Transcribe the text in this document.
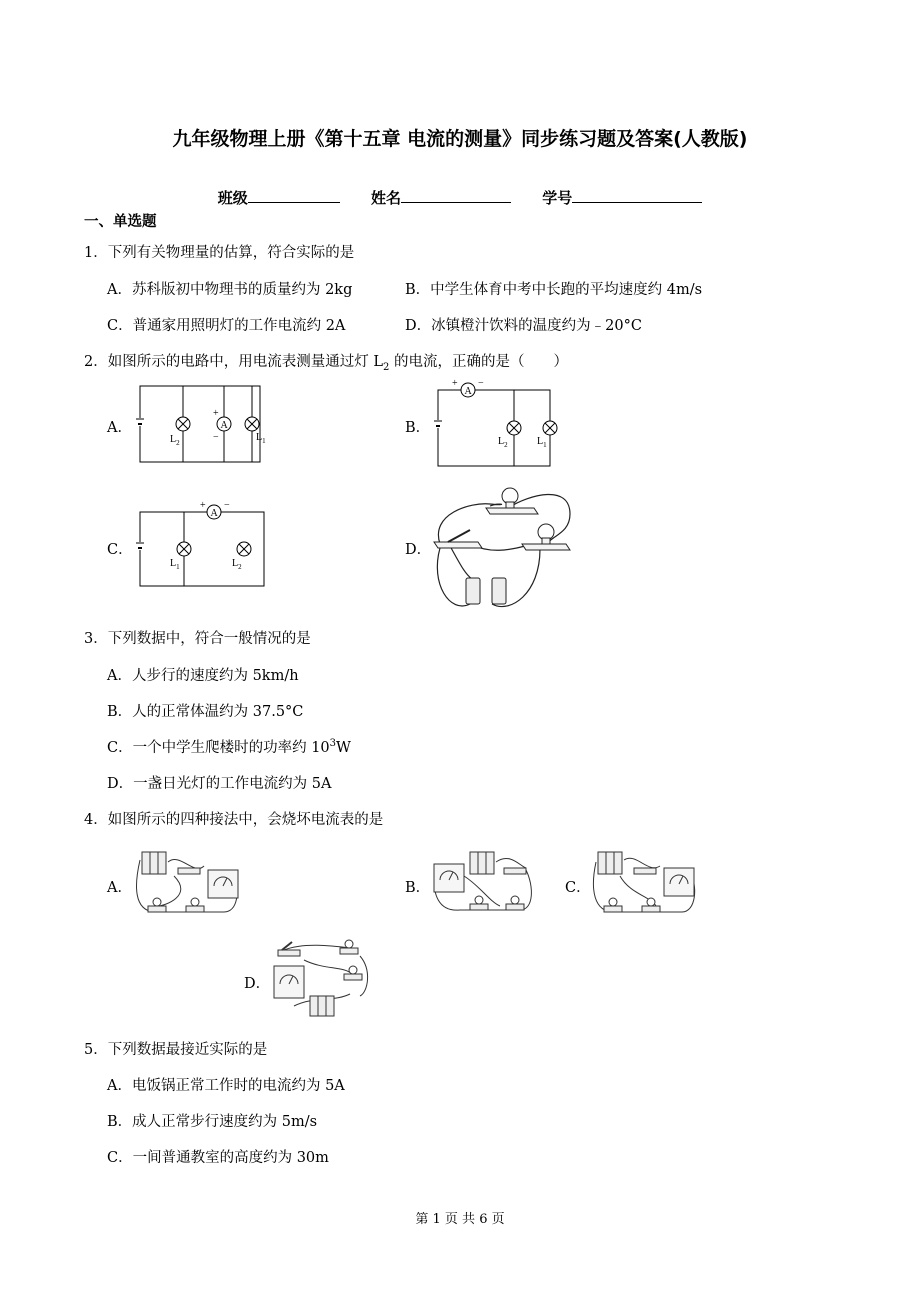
九年级物理上册《第十五章 电流的测量》同步练习题及答案(人教版)
班级	姓名	学号
一、单选题
1．下列有关物理量的估算，符合实际的是
A．苏科版初中物理书的质量约为 2kg	B．中学生体育中考中长跑的平均速度约 4m/s
C．普通家用照明灯的工作电流约 2A	D．冰镇橙汁饮料的温度约为﹣20°C
2．如图所示的电路中，用电流表测量通过灯 $L_2$ 的电流，正确的是（　　）
A．	A
+
−
$L_2$	$L_1$
B．
A
+ −
$L_2$	$L_1$
C．
A
+ −
$L_1$	$L_2$
D．
3．下列数据中，符合一般情况的是
A．人步行的速度约为 5km/h
B．人的正常体温约为 37.5°C
C．一个中学生爬楼时的功率约 $10^3W$
D．一盏日光灯的工作电流约为 5A
4．如图所示的四种接法中，会烧坏电流表的是
A．	B．	C．
D．
5．下列数据最接近实际的是
A．电饭锅正常工作时的电流约为 5A
B．成人正常步行速度约为 5m/s
C．一间普通教室的高度约为 30m
第 1 页 共 6 页
